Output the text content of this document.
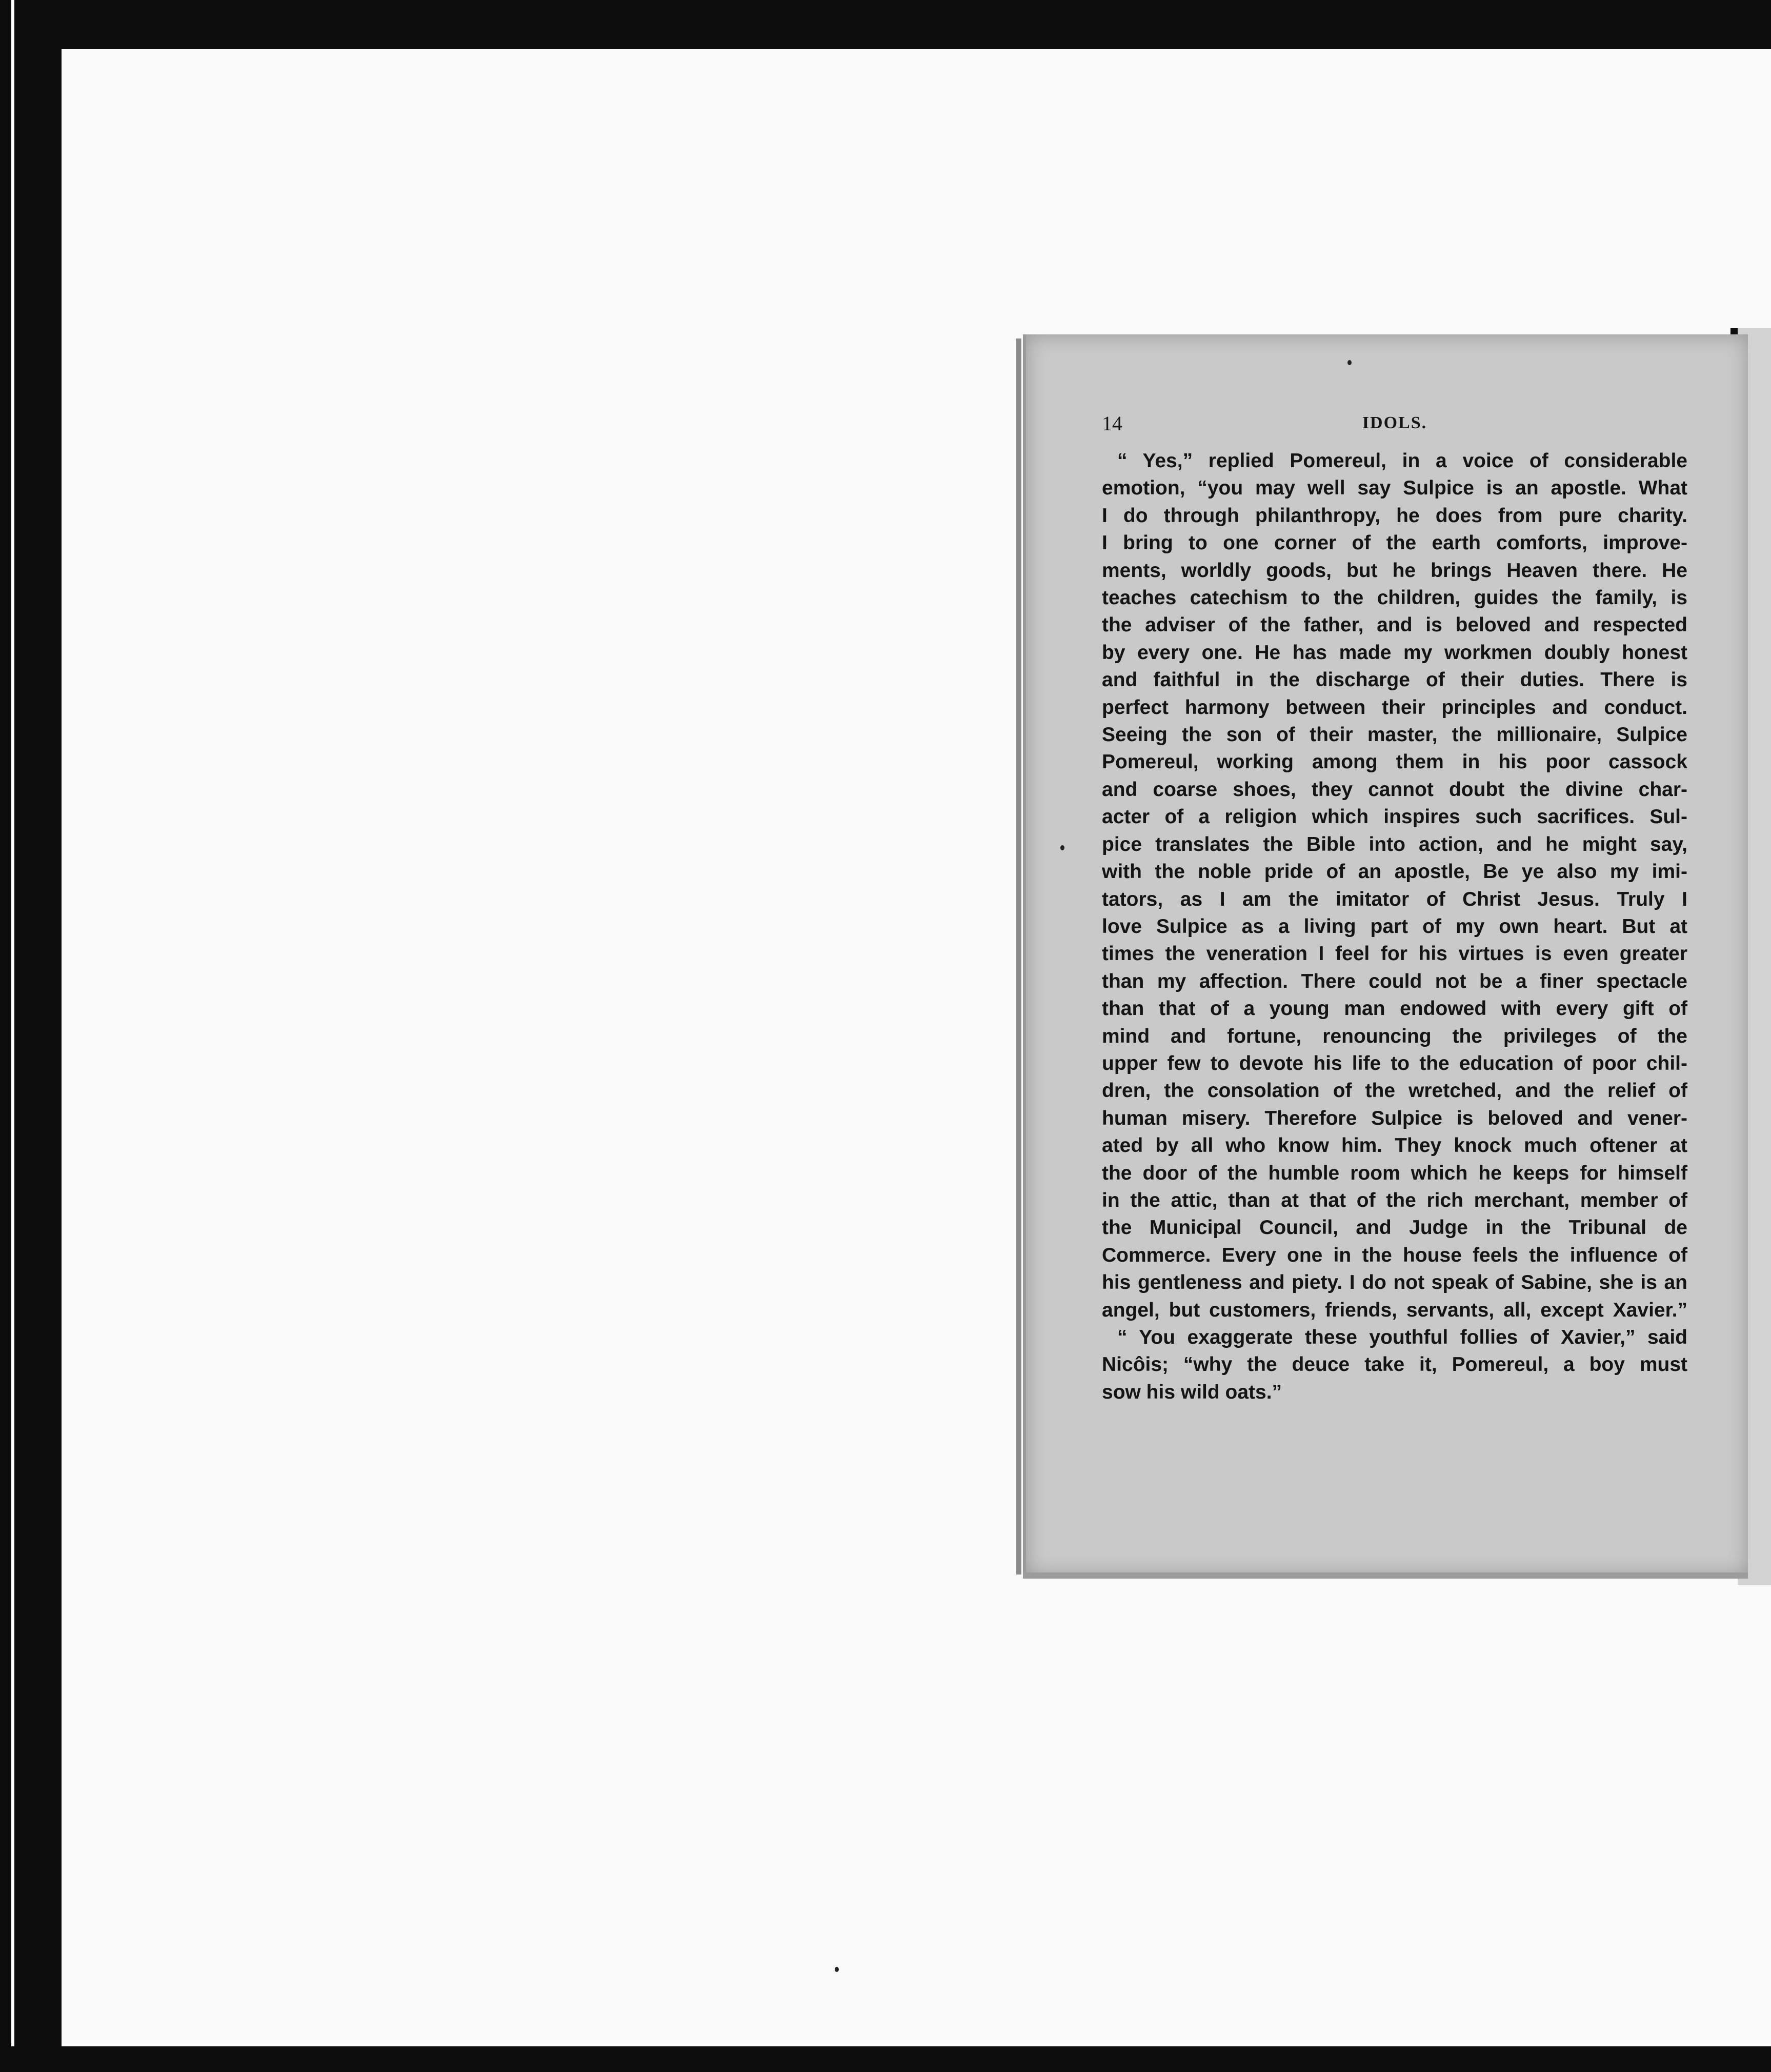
14	IDOLS.

“ Yes,” replied Pomereul, in a voice of considerable

emotion, “you may well say Sulpice is an apostle. What

I do through philanthropy, he does from pure charity.

I bring to one corner of the earth comforts, improve-

ments, worldly goods, but he brings Heaven there. He

teaches catechism to the children, guides the family, is

the adviser of the father, and is beloved and respected

by every one. He has made my workmen doubly honest

and faithful in the discharge of their duties. There is

perfect harmony between their principles and conduct.

Seeing the son of their master, the millionaire, Sulpice

Pomereul, working among them in his poor cassock

and coarse shoes, they cannot doubt the divine char-

acter of a religion which inspires such sacrifices. Sul-

pice translates the Bible into action, and he might say,

with the noble pride of an apostle, Be ye also my imi-

tators, as I am the imitator of Christ Jesus. Truly I

love Sulpice as a living part of my own heart. But at

times the veneration I feel for his virtues is even greater

than my affection. There could not be a finer spectacle

than that of a young man endowed with every gift of

mind and fortune, renouncing the privileges of the

upper few to devote his life to the education of poor chil-

dren, the consolation of the wretched, and the relief of

human misery. Therefore Sulpice is beloved and vener-

ated by all who know him. They knock much oftener at

the door of the humble room which he keeps for himself

in the attic, than at that of the rich merchant, member of

the Municipal Council, and Judge in the Tribunal de

Commerce. Every one in the house feels the influence of

his gentleness and piety. I do not speak of Sabine, she is an

angel, but customers, friends, servants, all, except Xavier.”

“ You exaggerate these youthful follies of Xavier,” said

Nicôis; “why the deuce take it, Pomereul, a boy must

sow his wild oats.”
